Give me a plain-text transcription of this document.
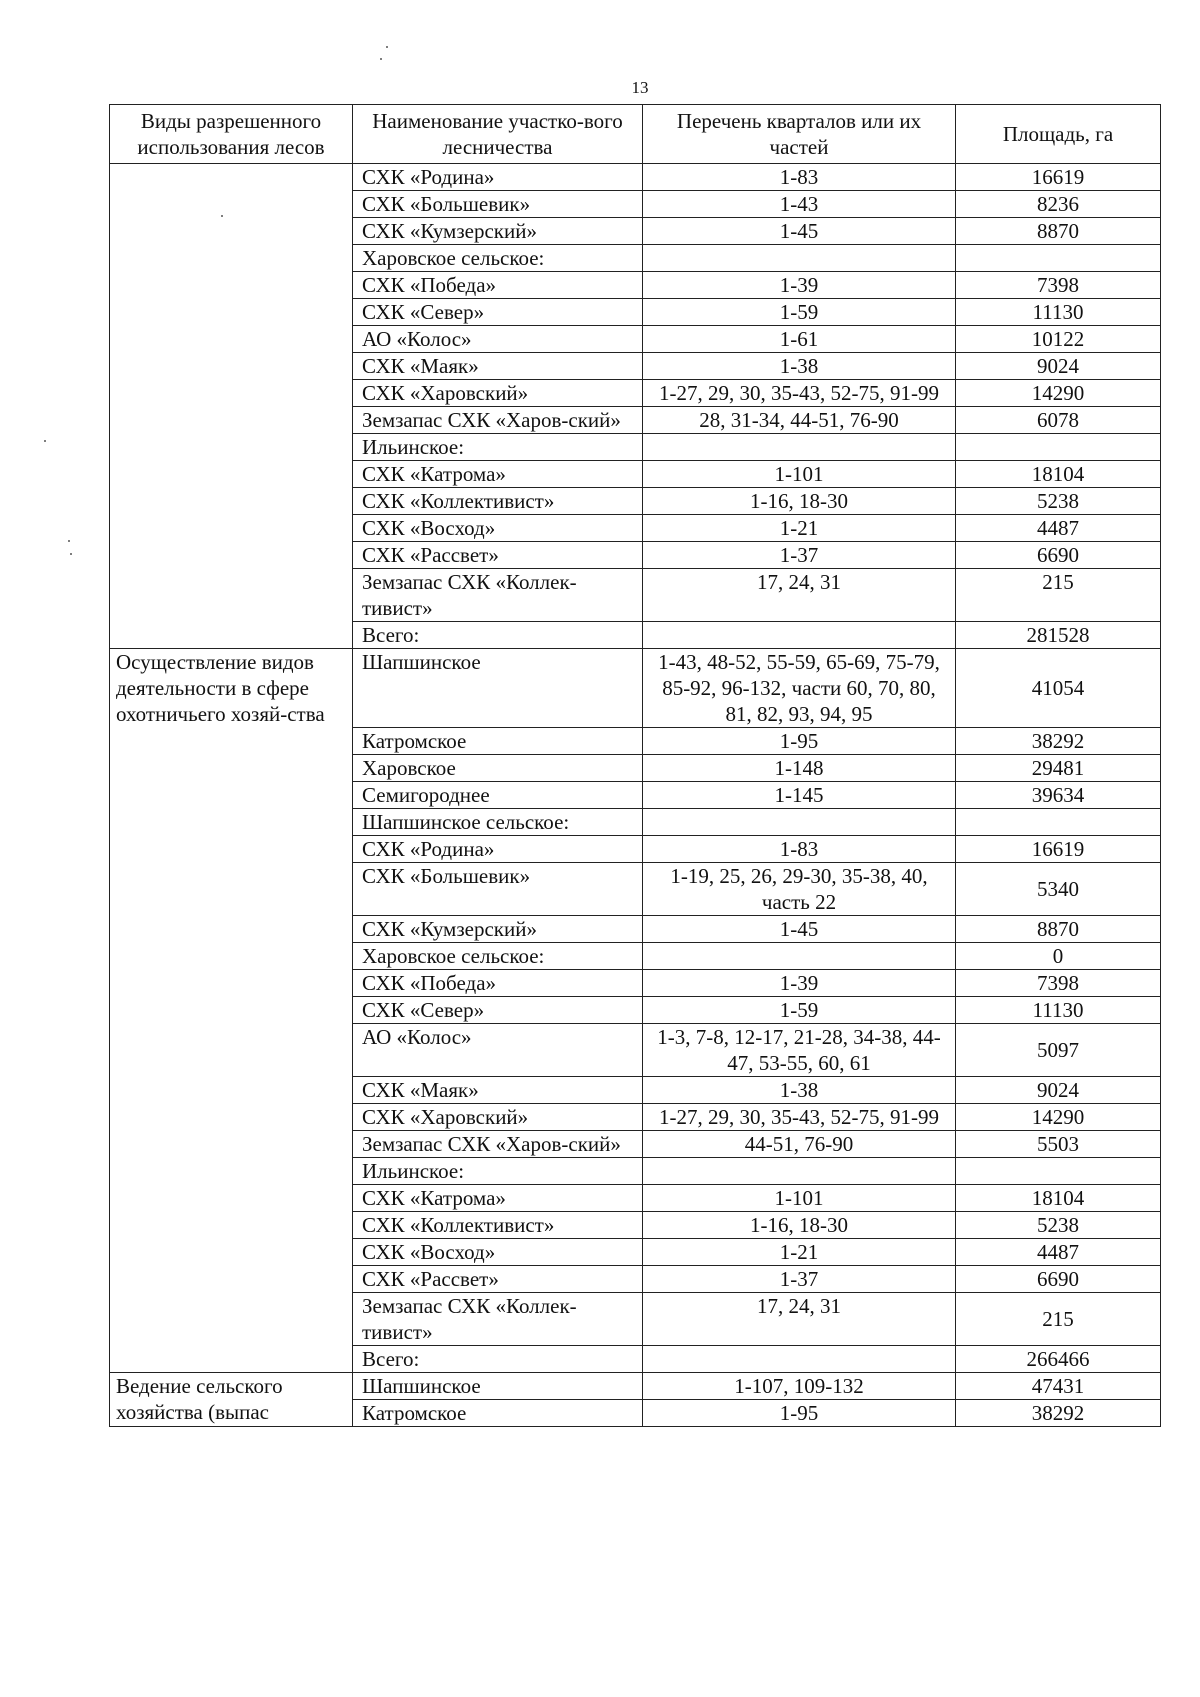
13
Виды разрешенного использования лесов	Наименование участко-вого лесничества	Перечень кварталов или их частей	Площадь, га
	СХК «Родина»	1-83	16619
	СХК «Большевик»	1-43	8236
	СХК «Кумзерский»	1-45	8870
	Харовское сельское:		
	СХК «Победа»	1-39	7398
	СХК «Север»	1-59	11130
	АО «Колос»	1-61	10122
	СХК «Маяк»	1-38	9024
	СХК «Харовский»	1-27, 29, 30, 35-43, 52-75, 91-99	14290
	Земзапас СХК «Харов-ский»	28, 31-34, 44-51, 76-90	6078
	Ильинское:		
	СХК «Катрома»	1-101	18104
	СХК «Коллективист»	1-16, 18-30	5238
	СХК «Восход»	1-21	4487
	СХК «Рассвет»	1-37	6690
	Земзапас СХК «Коллек-тивист»	17, 24, 31	215
	Всего:		281528
Осуществление видов деятельности в сфере охотничьего хозяй-ства	Шапшинское	1-43, 48-52, 55-59, 65-69, 75-79, 85-92, 96-132, части 60, 70, 80, 81, 82, 93, 94, 95	41054
	Катромское	1-95	38292
	Харовское	1-148	29481
	Семигороднее	1-145	39634
	Шапшинское сельское:		
	СХК «Родина»	1-83	16619
	СХК «Большевик»	1-19, 25, 26, 29-30, 35-38, 40, часть 22	5340
	СХК «Кумзерский»	1-45	8870
	Харовское сельское:		0
	СХК «Победа»	1-39	7398
	СХК «Север»	1-59	11130
	АО «Колос»	1-3, 7-8, 12-17, 21-28, 34-38, 44-47, 53-55, 60, 61	5097
	СХК «Маяк»	1-38	9024
	СХК «Харовский»	1-27, 29, 30, 35-43, 52-75, 91-99	14290
	Земзапас СХК «Харов-ский»	44-51, 76-90	5503
	Ильинское:		
	СХК «Катрома»	1-101	18104
	СХК «Коллективист»	1-16, 18-30	5238
	СХК «Восход»	1-21	4487
	СХК «Рассвет»	1-37	6690
	Земзапас СХК «Коллек-тивист»	17, 24, 31	215
	Всего:		266466
Ведение сельского хозяйства (выпас	Шапшинское	1-107, 109-132	47431
	Катромское	1-95	38292
